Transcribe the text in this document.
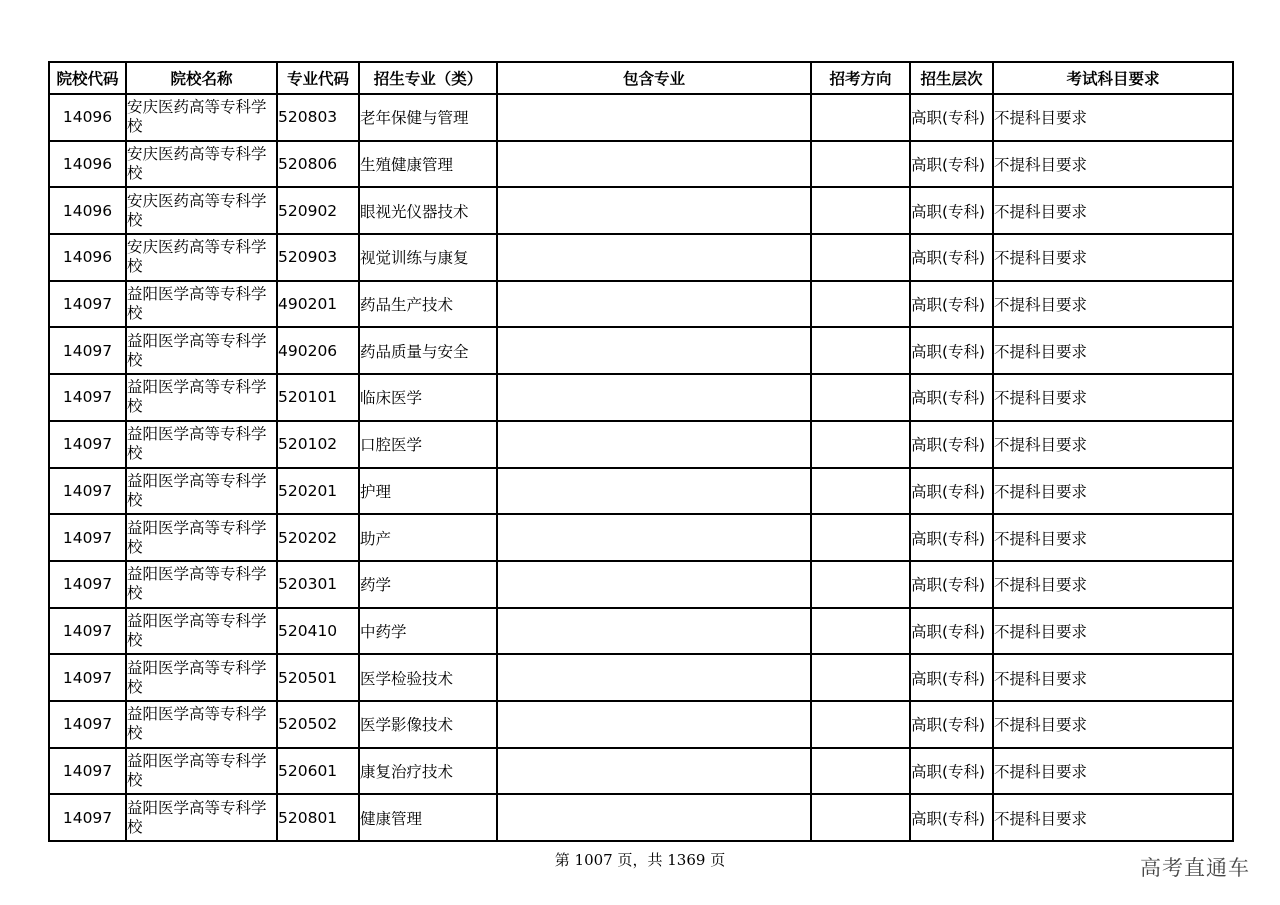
院校代码	院校名称	专业代码	招生专业（类）	包含专业	招考方向	招生层次	考试科目要求
14096	安庆医药高等专科学校	520803	老年保健与管理			高职(专科)	不提科目要求
14096	安庆医药高等专科学校	520806	生殖健康管理			高职(专科)	不提科目要求
14096	安庆医药高等专科学校	520902	眼视光仪器技术			高职(专科)	不提科目要求
14096	安庆医药高等专科学校	520903	视觉训练与康复			高职(专科)	不提科目要求
14097	益阳医学高等专科学校	490201	药品生产技术			高职(专科)	不提科目要求
14097	益阳医学高等专科学校	490206	药品质量与安全			高职(专科)	不提科目要求
14097	益阳医学高等专科学校	520101	临床医学			高职(专科)	不提科目要求
14097	益阳医学高等专科学校	520102	口腔医学			高职(专科)	不提科目要求
14097	益阳医学高等专科学校	520201	护理			高职(专科)	不提科目要求
14097	益阳医学高等专科学校	520202	助产			高职(专科)	不提科目要求
14097	益阳医学高等专科学校	520301	药学			高职(专科)	不提科目要求
14097	益阳医学高等专科学校	520410	中药学			高职(专科)	不提科目要求
14097	益阳医学高等专科学校	520501	医学检验技术			高职(专科)	不提科目要求
14097	益阳医学高等专科学校	520502	医学影像技术			高职(专科)	不提科目要求
14097	益阳医学高等专科学校	520601	康复治疗技术			高职(专科)	不提科目要求
14097	益阳医学高等专科学校	520801	健康管理			高职(专科)	不提科目要求
第 1007 页，共 1369 页	高考直通车
